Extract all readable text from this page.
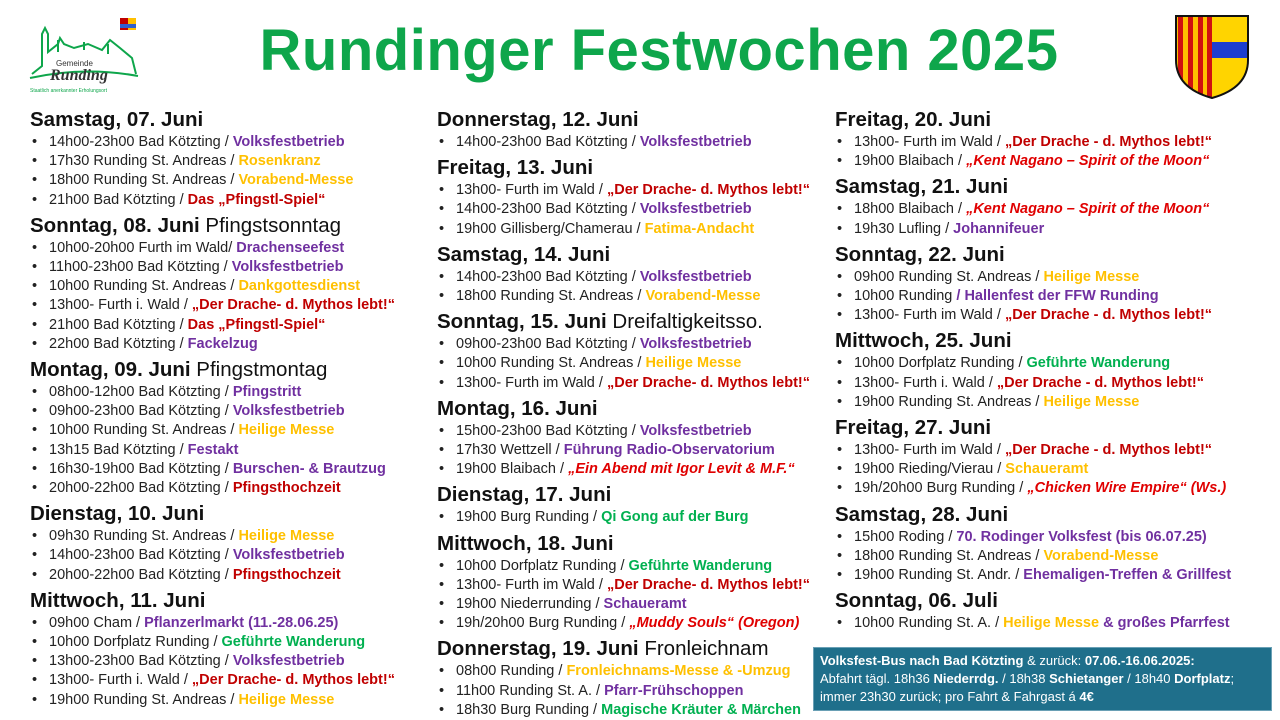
Rundinger Festwochen 2025
Gemeinde
Runding
Staatlich anerkannter Erholungsort
Samstag, 07. Juni
• 14h00-23h00 Bad Kötzting / Volksfestbetrieb
• 17h30 Runding St. Andreas / Rosenkranz
• 18h00 Runding St. Andreas / Vorabend-Messe
• 21h00 Bad Kötzting / Das „Pfingstl-Spiel“
Sonntag, 08. Juni Pfingstsonntag
• 10h00-20h00 Furth im Wald/ Drachenseefest
• 11h00-23h00 Bad Kötzting / Volksfestbetrieb
• 10h00 Runding St. Andreas / Dankgottesdienst
• 13h00- Furth i. Wald / „Der Drache- d. Mythos lebt!“
• 21h00 Bad Kötzting / Das „Pfingstl-Spiel“
• 22h00 Bad Kötzting / Fackelzug
Montag, 09. Juni Pfingstmontag
• 08h00-12h00 Bad Kötzting / Pfingstritt
• 09h00-23h00 Bad Kötzting / Volksfestbetrieb
• 10h00 Runding St. Andreas / Heilige Messe
• 13h15 Bad Kötzting / Festakt
• 16h30-19h00 Bad Kötzting / Burschen- & Brautzug
• 20h00-22h00 Bad Kötzting / Pfingsthochzeit
Dienstag, 10. Juni
• 09h30 Runding St. Andreas / Heilige Messe
• 14h00-23h00 Bad Kötzting / Volksfestbetrieb
• 20h00-22h00 Bad Kötzting / Pfingsthochzeit
Mittwoch, 11. Juni
• 09h00 Cham / Pflanzerlmarkt (11.-28.06.25)
• 10h00 Dorfplatz Runding / Geführte Wanderung
• 13h00-23h00 Bad Kötzting / Volksfestbetrieb
• 13h00- Furth i. Wald / „Der Drache- d. Mythos lebt!“
• 19h00 Runding St. Andreas / Heilige Messe
Donnerstag, 12. Juni
• 14h00-23h00 Bad Kötzting / Volksfestbetrieb
Freitag, 13. Juni
• 13h00- Furth im Wald / „Der Drache- d. Mythos lebt!“
• 14h00-23h00 Bad Kötzting / Volksfestbetrieb
• 19h00 Gillisberg/Chamerau / Fatima-Andacht
Samstag, 14. Juni
• 14h00-23h00 Bad Kötzting / Volksfestbetrieb
• 18h00 Runding St. Andreas / Vorabend-Messe
Sonntag, 15. Juni Dreifaltigkeitsso.
• 09h00-23h00 Bad Kötzting / Volksfestbetrieb
• 10h00 Runding St. Andreas / Heilige Messe
• 13h00- Furth im Wald / „Der Drache- d. Mythos lebt!“
Montag, 16. Juni
• 15h00-23h00 Bad Kötzting / Volksfestbetrieb
• 17h30 Wettzell / Führung Radio-Observatorium
• 19h00 Blaibach / „Ein Abend mit Igor Levit & M.F.“
Dienstag, 17. Juni
• 19h00 Burg Runding / Qi Gong auf der Burg
Mittwoch, 18. Juni
• 10h00 Dorfplatz Runding / Geführte Wanderung
• 13h00- Furth im Wald / „Der Drache- d. Mythos lebt!“
• 19h00 Niederrunding / Schaueramt
• 19h/20h00 Burg Runding / „Muddy Souls“ (Oregon)
Donnerstag, 19. Juni Fronleichnam
• 08h00 Runding / Fronleichnams-Messe & -Umzug
• 11h00 Runding St. A. / Pfarr-Frühschoppen
• 18h30 Burg Runding / Magische Kräuter & Märchen
Freitag, 20. Juni
• 13h00- Furth im Wald / „Der Drache - d. Mythos lebt!“
• 19h00 Blaibach / „Kent Nagano – Spirit of the Moon“
Samstag, 21. Juni
• 18h00 Blaibach / „Kent Nagano – Spirit of the Moon“
• 19h30 Lufling / Johannifeuer
Sonntag, 22. Juni
• 09h00 Runding St. Andreas / Heilige Messe
• 10h00 Runding / Hallenfest der FFW Runding
• 13h00- Furth im Wald / „Der Drache - d. Mythos lebt!“
Mittwoch, 25. Juni
• 10h00 Dorfplatz Runding / Geführte Wanderung
• 13h00- Furth i. Wald / „Der Drache - d. Mythos lebt!“
• 19h00 Runding St. Andreas / Heilige Messe
Freitag, 27. Juni
• 13h00- Furth im Wald / „Der Drache - d. Mythos lebt!“
• 19h00 Rieding/Vierau / Schaueramt
• 19h/20h00 Burg Runding / „Chicken Wire Empire“ (Ws.)
Samstag, 28. Juni
• 15h00 Roding / 70. Rodinger Volksfest (bis 06.07.25)
• 18h00 Runding St. Andreas / Vorabend-Messe
• 19h00 Runding St. Andr. / Ehemaligen-Treffen & Grillfest
Sonntag, 06. Juli
• 10h00 Runding St. A. / Heilige Messe & großes Pfarrfest
Volksfest-Bus nach Bad Kötzting & zurück: 07.06.-16.06.2025:
Abfahrt tägl. 18h36 Niederrdg. / 18h38 Schietanger / 18h40 Dorfplatz;
immer 23h30 zurück; pro Fahrt & Fahrgast á 4€
